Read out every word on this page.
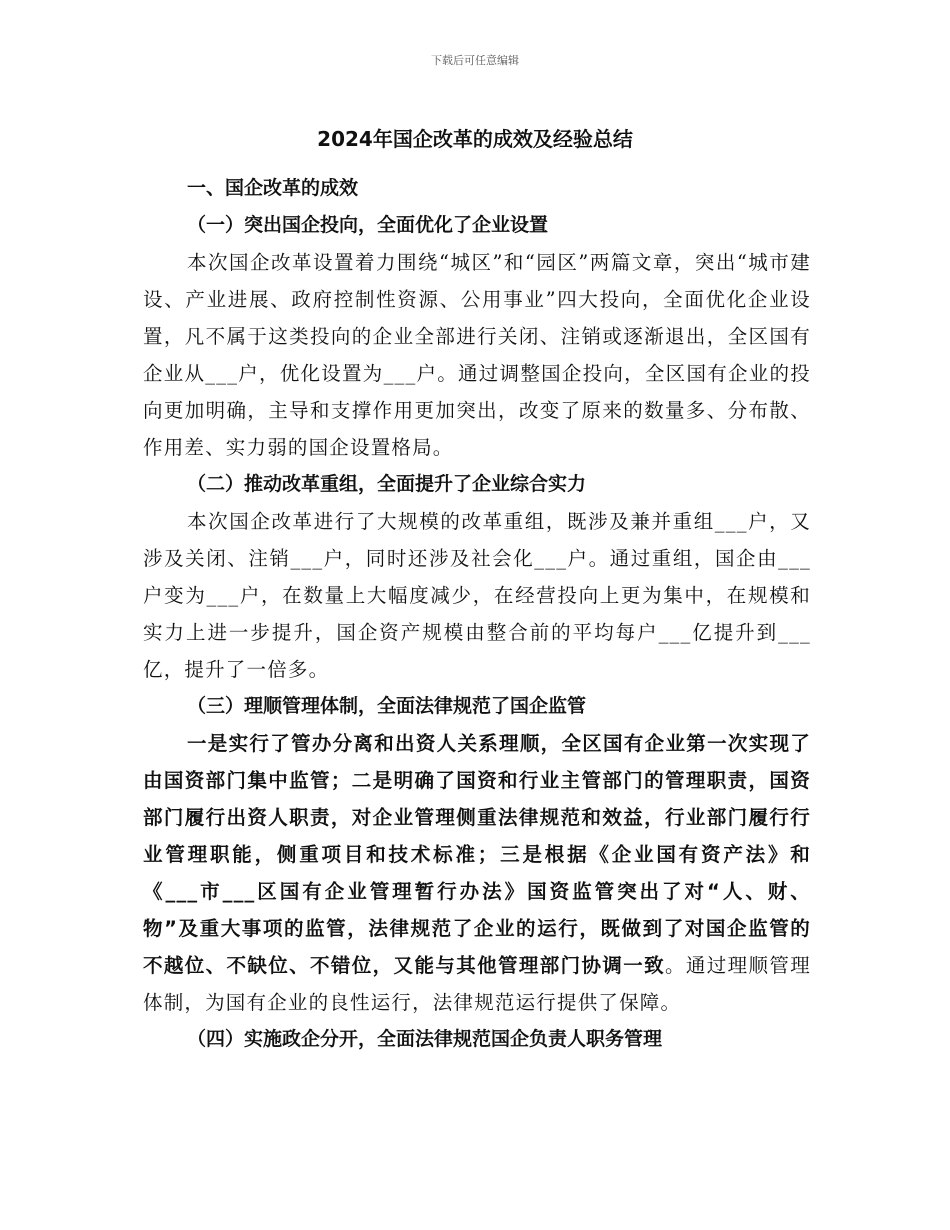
下载后可任意编辑
2024年国企改革的成效及经验总结
一、国企改革的成效
（一）突出国企投向，全面优化了企业设置
本次国企改革设置着力围绕“城区”和“园区”两篇文章，突出“城市建设、产业进展、政府控制性资源、公用事业”四大投向，全面优化企业设置，凡不属于这类投向的企业全部进行关闭、注销或逐渐退出，全区国有企业从___户，优化设置为___户。通过调整国企投向，全区国有企业的投向更加明确，主导和支撑作用更加突出，改变了原来的数量多、分布散、作用差、实力弱的国企设置格局。
（二）推动改革重组，全面提升了企业综合实力
本次国企改革进行了大规模的改革重组，既涉及兼并重组___户，又涉及关闭、注销___户，同时还涉及社会化___户。通过重组，国企由___户变为___户，在数量上大幅度减少，在经营投向上更为集中，在规模和实力上进一步提升，国企资产规模由整合前的平均每户___亿提升到___亿，提升了一倍多。
（三）理顺管理体制，全面法律规范了国企监管
一是实行了管办分离和出资人关系理顺，全区国有企业第一次实现了由国资部门集中监管；二是明确了国资和行业主管部门的管理职责，国资部门履行出资人职责，对企业管理侧重法律规范和效益，行业部门履行行业管理职能，侧重项目和技术标准；三是根据《企业国有资产法》和《___市___区国有企业管理暂行办法》国资监管突出了对“人、财、物”及重大事项的监管，法律规范了企业的运行，既做到了对国企监管的不越位、不缺位、不错位，又能与其他管理部门协调一致。通过理顺管理体制，为国有企业的良性运行，法律规范运行提供了保障。
（四）实施政企分开，全面法律规范国企负责人职务管理
